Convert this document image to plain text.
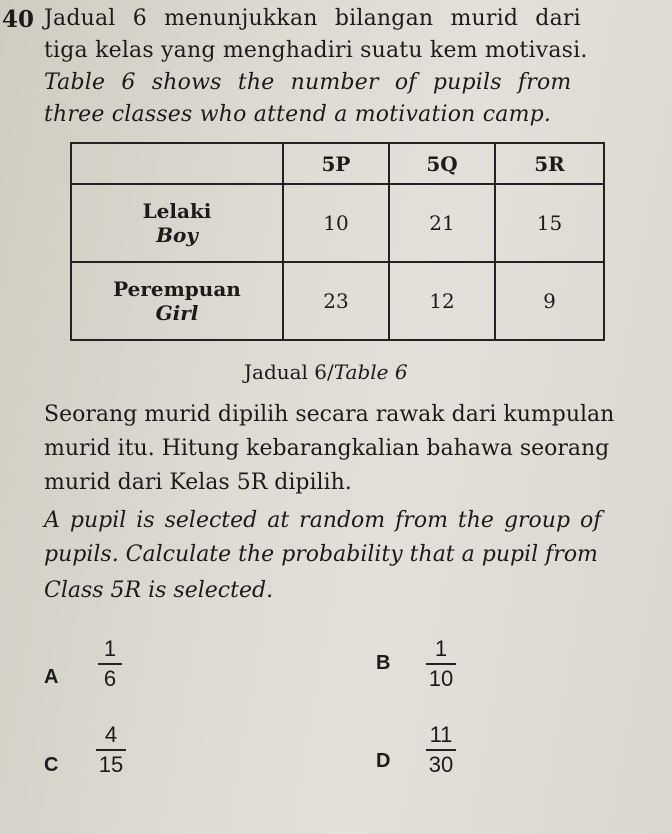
40 Jadual 6 menunjukkan bilangan murid dari
tiga kelas yang menghadiri suatu kem motivasi.
Table 6 shows the number of pupils from
three classes who attend a motivation camp.
	5P	5Q	5R
Lelaki
Boy	10	21	15
Perempuan
Girl	23	12	9
Jadual 6/Table 6
Seorang murid dipilih secara rawak dari kumpulan
murid itu. Hitung kebarangkalian bahawa seorang
murid dari Kelas 5R dipilih.
A pupil is selected at random from the group of
pupils. Calculate the probability that a pupil from
Class 5R is selected.
A
1
6
B
1
10
C
4
15	D
11
30
